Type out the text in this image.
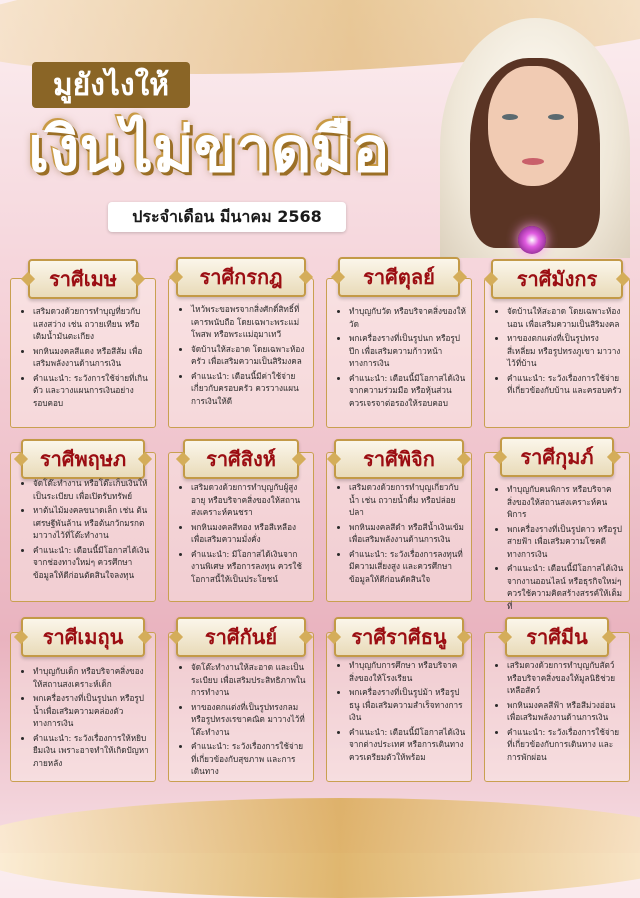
มูยังไงให้
เงินไม่ขาดมือ
ประจำเดือน มีนาคม 2568
ราศีเมษ
• เสริมดวงด้วยการทำบุญที่ยวกับแสงสว่าง เช่น ถวายเทียน หรือเติมน้ำมันตะเกียง
• พกหินมงคลสีแดง หรือสีส้ม เพื่อเสริมพลังงานด้านการเงิน
• คำแนะนำ: ระวังการใช้จ่ายที่เกินตัว และวางแผนการเงินอย่างรอบคอบ
ราศีกรกฎ
• ไหว้พระขอพรจากสิ่งศักดิ์สิทธิ์ที่เคารพนับถือ โดยเฉพาะพระแม่โพสพ หรือพระแม่อุมาเทวี
• จัดบ้านให้สะอาด โดยเฉพาะห้องครัว เพื่อเสริมความเป็นสิริมงคล
• คำแนะนำ: เดือนนี้มีค่าใช้จ่ายเกี่ยวกับครอบครัว ควรวางแผนการเงินให้ดี
ราศีตุลย์
• ทำบุญกับวัด หรือบริจาคสิ่งของให้วัด
• พกเครื่องรางที่เป็นรูปนก หรือรูปปีก เพื่อเสริมความก้าวหน้าทางการเงิน
• คำแนะนำ: เดือนนี้มีโอกาสได้เงินจากความร่วมมือ หรือหุ้นส่วน ควรเจรจาต่อรองให้รอบคอบ
ราศีมังกร
• จัดบ้านให้สะอาด โดยเฉพาะห้องนอน เพื่อเสริมความเป็นสิริมงคล
• หาของตกแต่งที่เป็นรูปทรงสี่เหลี่ยม หรือรูปทรงภูเขา มาวางไว้ที่บ้าน
• คำแนะนำ: ระวังเรื่องการใช้จ่ายที่เกี่ยวข้องกับบ้าน และครอบครัว
ราศีพฤษภ
• จัดโต๊ะทำงาน หรือโต๊ะเก็บเงินให้เป็นระเบียบ เพื่อเปิดรับทรัพย์
• หาต้นไม้มงคลขนาดเล็ก เช่น ต้นเศรษฐีพันล้าน หรือต้นกวักมรกต มาวางไว้ที่โต๊ะทำงาน
• คำแนะนำ: เดือนนี้มีโอกาสได้เงินจากช่องทางใหม่ๆ ควรศึกษาข้อมูลให้ดีก่อนตัดสินใจลงทุน
ราศีสิงห์
• เสริมดวงด้วยการทำบุญกับผู้สูงอายุ หรือบริจาคสิ่งของให้สถานสงเคราะห์คนชรา
• พกหินมงคลสีทอง หรือสีเหลือง เพื่อเสริมความมั่งคั่ง
• คำแนะนำ: มีโอกาสได้เงินจากงานพิเศษ หรือการลงทุน ควรใช้โอกาสนี้ให้เป็นประโยชน์
ราศีพิจิก
• เสริมดวงด้วยการทำบุญเกี่ยวกับน้ำ เช่น ถวายน้ำดื่ม หรือปล่อยปลา
• พกหินมงคลสีดำ หรือสีน้ำเงินเข้ม เพื่อเสริมพลังงานด้านการเงิน
• คำแนะนำ: ระวังเรื่องการลงทุนที่มีความเสี่ยงสูง และควรศึกษาข้อมูลให้ดีก่อนตัดสินใจ
ราศีกุมภ์
• ทำบุญกับคนพิการ หรือบริจาคสิ่งของให้สถานสงเคราะห์คนพิการ
• พกเครื่องรางที่เป็นรูปดาว หรือรูปสายฟ้า เพื่อเสริมความโชคดีทางการเงิน
• คำแนะนำ: เดือนนี้มีโอกาสได้เงินจากงานออนไลน์ หรือธุรกิจใหม่ๆ ควรใช้ความคิดสร้างสรรค์ให้เต็มที่
ราศีเมถุน
• ทำบุญกับเด็ก หรือบริจาคสิ่งของให้สถานสงเคราะห์เด็ก
• พกเครื่องรางที่เป็นรูปนก หรือรูปน้ำเพื่อเสริมความคล่องตัวทางการเงิน
• คำแนะนำ: ระวังเรื่องการให้หยิบยืมเงิน เพราะอาจทำให้เกิดปัญหาภายหลัง
ราศีกันย์
• จัดโต๊ะทำงานให้สะอาด และเป็นระเบียบ เพื่อเสริมประสิทธิภาพในการทำงาน
• หาของตกแต่งที่เป็นรูปทรงกลม หรือรูปทรงเรขาคณิต มาวางไว้ที่โต๊ะทำงาน
• คำแนะนำ: ระวังเรื่องการใช้จ่ายที่เกี่ยวข้องกับสุขภาพ และการเดินทาง
ราศีราศีธนู
• ทำบุญกับการศึกษา หรือบริจาคสิ่งของให้โรงเรียน
• พกเครื่องรางที่เป็นรูปม้า หรือรูปธนู เพื่อเสริมความสำเร็จทางการเงิน
• คำแนะนำ: เดือนนี้มีโอกาสได้เงินจากต่างประเทศ หรือการเดินทาง ควรเตรียมตัวให้พร้อม
ราศีมีน
• เสริมดวงด้วยการทำบุญกับสัตว์ หรือบริจาคสิ่งของให้มูลนิธิช่วยเหลือสัตว์
• พกหินมงคลสีฟ้า หรือสีม่วงอ่อน เพื่อเสริมพลังงานด้านการเงิน
• คำแนะนำ: ระวังเรื่องการใช้จ่ายที่เกี่ยวข้องกับการเดินทาง และการพักผ่อน
